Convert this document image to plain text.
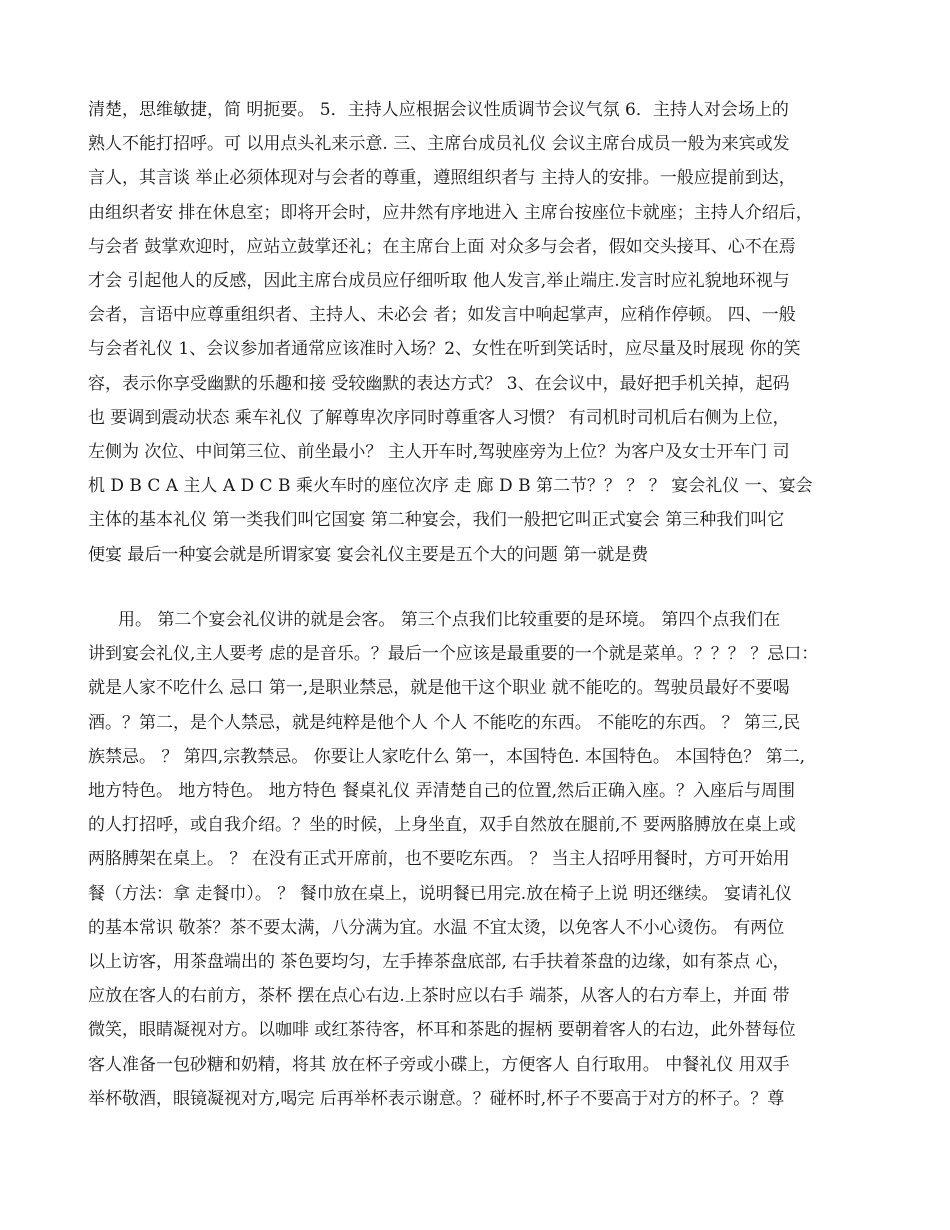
清楚，思维敏捷，简 明扼要。 5．主持人应根据会议性质调节会议气氛 6．主持人对会场上的
熟人不能打招呼。可 以用点头礼来示意. 三、主席台成员礼仪 会议主席台成员一般为来宾或发
言人，其言谈 举止必须体现对与会者的尊重，遵照组织者与 主持人的安排。一般应提前到达，
由组织者安 排在休息室；即将开会时，应井然有序地进入 主席台按座位卡就座；主持人介绍后，
与会者 鼓掌欢迎时，应站立鼓掌还礼；在主席台上面 对众多与会者，假如交头接耳、心不在焉
才会 引起他人的反感，因此主席台成员应仔细听取 他人发言,举止端庄.发言时应礼貌地环视与
会者，言语中应尊重组织者、主持人、未必会 者；如发言中响起掌声，应稍作停顿。 四、一般
与会者礼仪 1、会议参加者通常应该准时入场？2、女性在听到笑话时，应尽量及时展现 你的笑
容，表示你享受幽默的乐趣和接 受较幽默的表达方式？ 3、在会议中，最好把手机关掉，起码
也 要调到震动状态 乘车礼仪 了解尊卑次序同时尊重客人习惯？ 有司机时司机后右侧为上位，
左侧为 次位、中间第三位、前坐最小？ 主人开车时,驾驶座旁为上位？为客户及女士开车门 司
机 D B C A 主人 A D C B 乘火车时的座位次序 走 廊 D B 第二节？？ ？ ？ 宴会礼仪 一、宴会
主体的基本礼仪 第一类我们叫它国宴 第二种宴会，我们一般把它叫正式宴会 第三种我们叫它
便宴 最后一种宴会就是所谓家宴 宴会礼仪主要是五个大的问题 第一就是费
用。 第二个宴会礼仪讲的就是会客。 第三个点我们比较重要的是环境。 第四个点我们在
讲到宴会礼仪,主人要考 虑的是音乐。？最后一个应该是最重要的一个就是菜单。？？？ ？忌口：
就是人家不吃什么 忌口 第一,是职业禁忌，就是他干这个职业 就不能吃的。驾驶员最好不要喝
酒。？第二，是个人禁忌，就是纯粹是他个人 个人 不能吃的东西。 不能吃的东西。 ？ 第三,民
族禁忌。 ？ 第四,宗教禁忌。 你要让人家吃什么 第一，本国特色. 本国特色。 本国特色？ 第二,
地方特色。 地方特色。 地方特色 餐桌礼仪 弄清楚自己的位置,然后正确入座。？入座后与周围
的人打招呼，或自我介绍。？坐的时候，上身坐直，双手自然放在腿前,不 要两胳膊放在桌上或
两胳膊架在桌上。 ？ 在没有正式开席前，也不要吃东西。 ？ 当主人招呼用餐时，方可开始用
餐（方法：拿 走餐巾）。 ？ 餐巾放在桌上，说明餐已用完.放在椅子上说 明还继续。 宴请礼仪
的基本常识 敬茶？茶不要太满，八分满为宜。水温 不宜太烫，以免客人不小心烫伤。 有两位
以上访客，用茶盘端出的 茶色要均匀，左手捧茶盘底部, 右手扶着茶盘的边缘，如有茶点 心，
应放在客人的右前方，茶杯 摆在点心右边.上茶时应以右手 端茶，从客人的右方奉上，并面 带
微笑，眼睛凝视对方。以咖啡 或红茶待客，杯耳和茶匙的握柄 要朝着客人的右边，此外替每位
客人准备一包砂糖和奶精，将其 放在杯子旁或小碟上，方便客人 自行取用。 中餐礼仪 用双手
举杯敬酒，眼镜凝视对方,喝完 后再举杯表示谢意。？碰杯时,杯子不要高于对方的杯子。？尊
